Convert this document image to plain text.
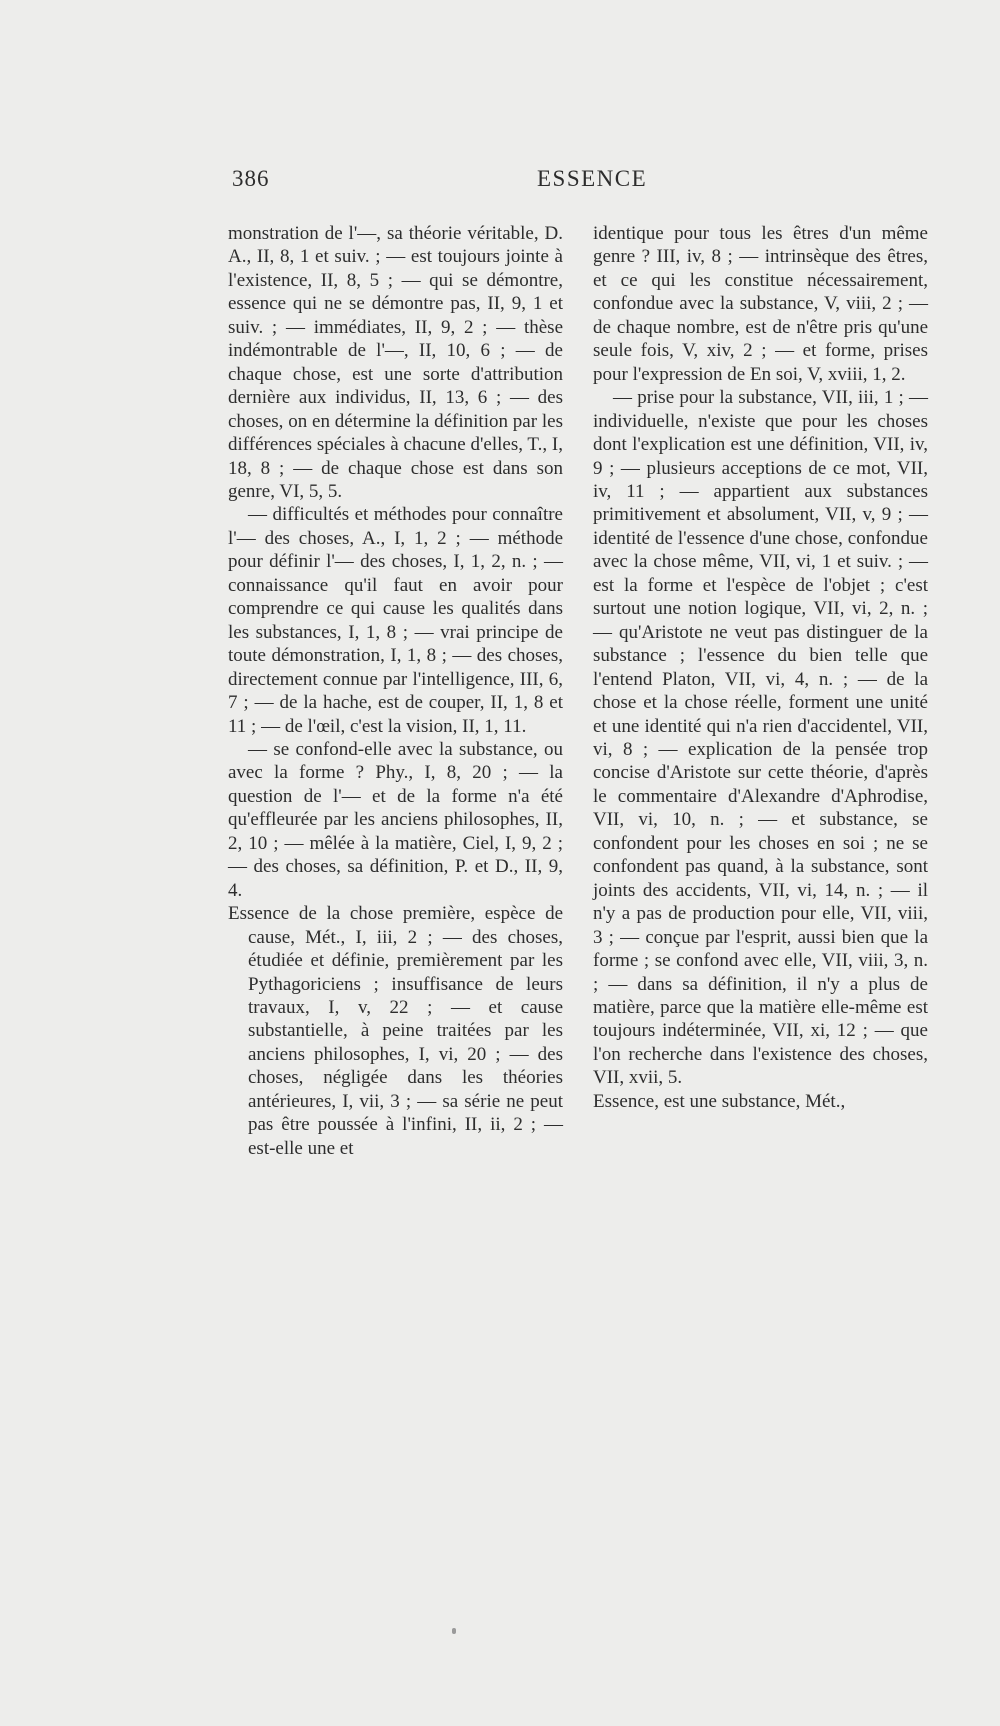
386	ESSENCE

monstration de l'—, sa théorie véritable, D. A., II, 8, 1 et suiv. ; — est toujours jointe à l'existence, II, 8, 5 ; — qui se démontre, essence qui ne se démontre pas, II, 9, 1 et suiv. ; — immédiates, II, 9, 2 ; — thèse indémontrable de l'—, II, 10, 6 ; — de chaque chose, est une sorte d'attribution dernière aux individus, II, 13, 6 ; — des choses, on en détermine la définition par les différences spéciales à chacune d'elles, T., I, 18, 8 ; — de chaque chose est dans son genre, VI, 5, 5.

— difficultés et méthodes pour connaître l'— des choses, A., I, 1, 2 ; — méthode pour définir l'— des choses, I, 1, 2, n. ; — connaissance qu'il faut en avoir pour comprendre ce qui cause les qualités dans les substances, I, 1, 8 ; — vrai principe de toute démonstration, I, 1, 8 ; — des choses, directement connue par l'intelligence, III, 6, 7 ; — de la hache, est de couper, II, 1, 8 et 11 ; — de l'œil, c'est la vision, II, 1, 11.

— se confond-elle avec la substance, ou avec la forme ? Phy., I, 8, 20 ; — la question de l'— et de la forme n'a été qu'effleurée par les anciens philosophes, II, 2, 10 ; — mêlée à la matière, Ciel, I, 9, 2 ; — des choses, sa définition, P. et D., II, 9, 4.

Essence de la chose première, espèce de cause, Mét., I, iii, 2 ; — des choses, étudiée et définie, premièrement par les Pythagoriciens ; insuffisance de leurs travaux, I, v, 22 ; — et cause substantielle, à peine traitées par les anciens philosophes, I, vi, 20 ; — des choses, négligée dans les théories antérieures, I, vii, 3 ; — sa série ne peut pas être poussée à l'infini, II, ii, 2 ; — est-elle une et

identique pour tous les êtres d'un même genre ? III, iv, 8 ; — intrinsèque des êtres, et ce qui les constitue nécessairement, confondue avec la substance, V, viii, 2 ; — de chaque nombre, est de n'être pris qu'une seule fois, V, xiv, 2 ; — et forme, prises pour l'expression de En soi, V, xviii, 1, 2.

— prise pour la substance, VII, iii, 1 ; — individuelle, n'existe que pour les choses dont l'explication est une définition, VII, iv, 9 ; — plusieurs acceptions de ce mot, VII, iv, 11 ; — appartient aux substances primitivement et absolument, VII, v, 9 ; — identité de l'essence d'une chose, confondue avec la chose même, VII, vi, 1 et suiv. ; — est la forme et l'espèce de l'objet ; c'est surtout une notion logique, VII, vi, 2, n. ; — qu'Aristote ne veut pas distinguer de la substance ; l'essence du bien telle que l'entend Platon, VII, vi, 4, n. ; — de la chose et la chose réelle, forment une unité et une identité qui n'a rien d'accidentel, VII, vi, 8 ; — explication de la pensée trop concise d'Aristote sur cette théorie, d'après le commentaire d'Alexandre d'Aphrodise, VII, vi, 10, n. ; — et substance, se confondent pour les choses en soi ; ne se confondent pas quand, à la substance, sont joints des accidents, VII, vi, 14, n. ; — il n'y a pas de production pour elle, VII, viii, 3 ; — conçue par l'esprit, aussi bien que la forme ; se confond avec elle, VII, viii, 3, n. ; — dans sa définition, il n'y a plus de matière, parce que la matière elle-même est toujours indéterminée, VII, xi, 12 ; — que l'on recherche dans l'existence des choses, VII, xvii, 5.

Essence, est une substance, Mét.,
